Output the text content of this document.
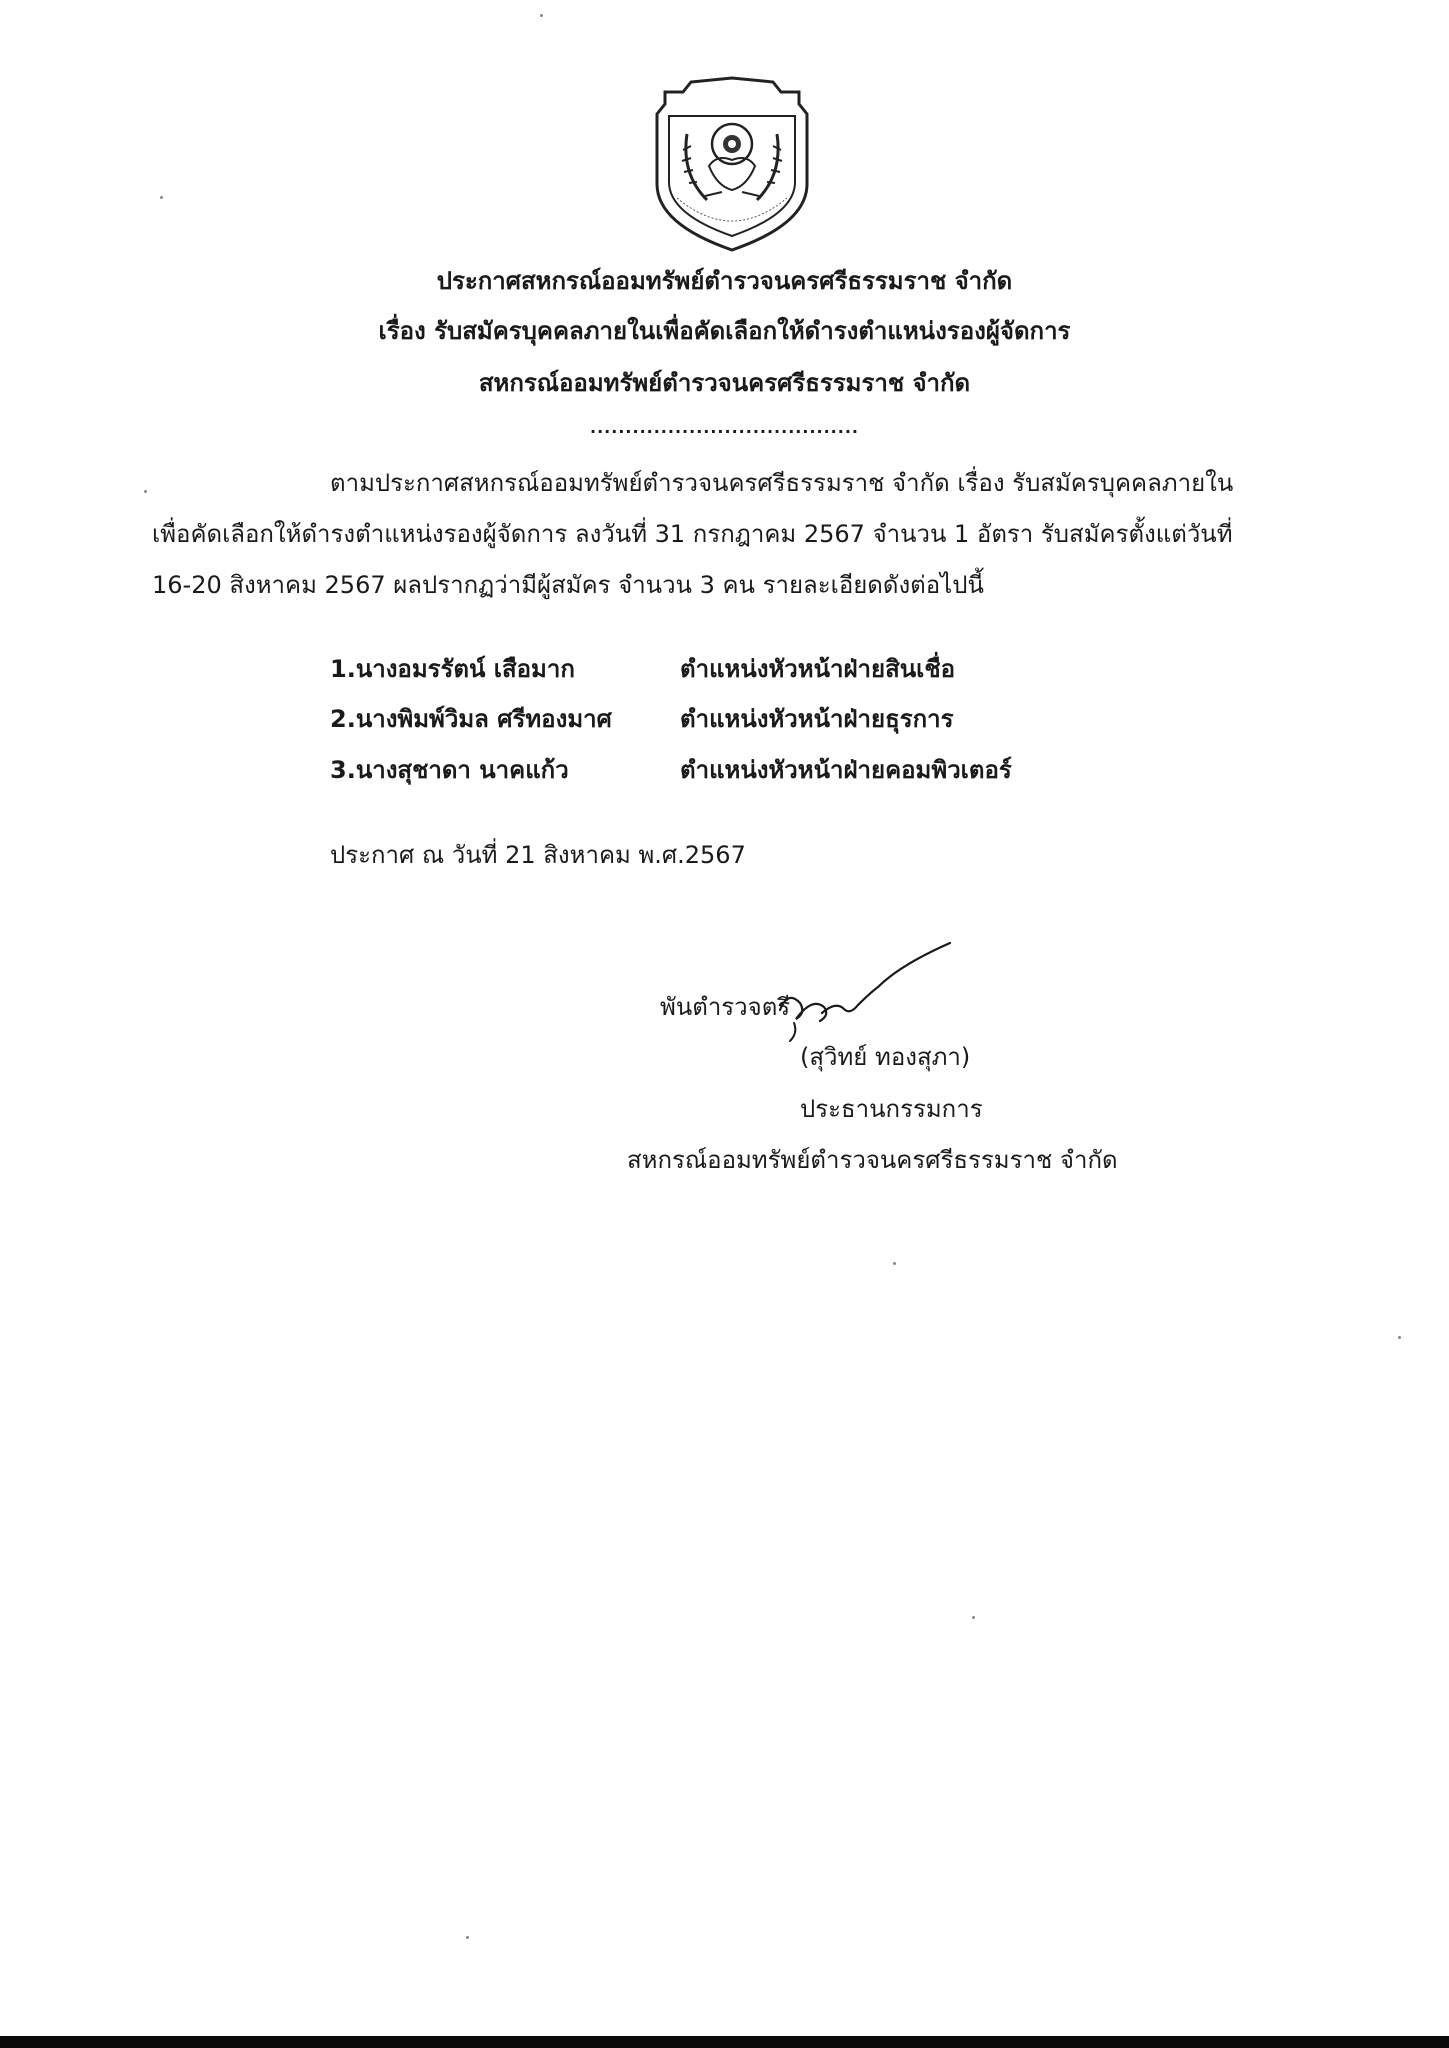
ประกาศสหกรณ์ออมทรัพย์ตำรวจนครศรีธรรมราช จำกัด
เรื่อง รับสมัครบุคคลภายในเพื่อคัดเลือกให้ดำรงตำแหน่งรองผู้จัดการ
สหกรณ์ออมทรัพย์ตำรวจนครศรีธรรมราช จำกัด
......................................
ตามประกาศสหกรณ์ออมทรัพย์ตำรวจนครศรีธรรมราช จำกัด เรื่อง รับสมัครบุคคลภายใน
เพื่อคัดเลือกให้ดำรงตำแหน่งรองผู้จัดการ ลงวันที่ 31 กรกฎาคม 2567 จำนวน 1 อัตรา รับสมัครตั้งแต่วันที่
16-20 สิงหาคม 2567 ผลปรากฏว่ามีผู้สมัคร จำนวน 3 คน รายละเอียดดังต่อไปนี้
1.นางอมรรัตน์ เสือมาก	ตำแหน่งหัวหน้าฝ่ายสินเชื่อ
2.นางพิมพ์วิมล ศรีทองมาศ	ตำแหน่งหัวหน้าฝ่ายธุรการ
3.นางสุชาดา นาคแก้ว	ตำแหน่งหัวหน้าฝ่ายคอมพิวเตอร์
ประกาศ ณ วันที่ 21 สิงหาคม พ.ศ.2567
พันตำรวจตรี
(สุวิทย์ ทองสุภา)
ประธานกรรมการ
สหกรณ์ออมทรัพย์ตำรวจนครศรีธรรมราช จำกัด
